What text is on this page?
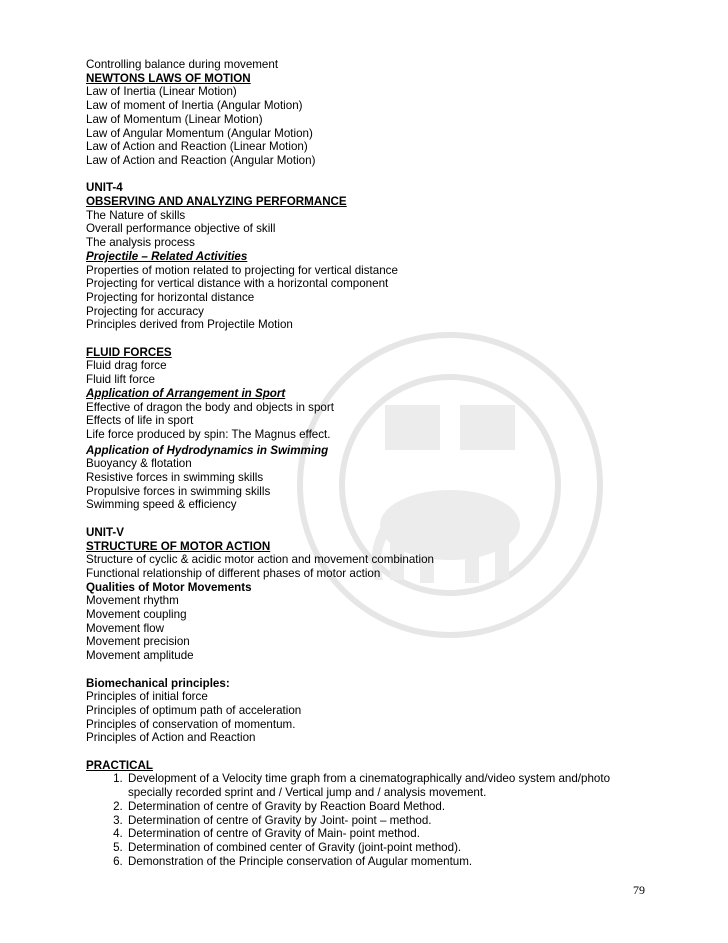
Controlling balance during movement
NEWTONS LAWS OF MOTION
Law of Inertia (Linear Motion)
Law of moment of Inertia (Angular Motion)
Law of Momentum (Linear Motion)
Law of Angular Momentum (Angular Motion)
Law of Action and Reaction (Linear Motion)
Law of Action and Reaction (Angular Motion)
UNIT-4
OBSERVING AND ANALYZING PERFORMANCE
The Nature of skills
Overall performance objective of skill
The analysis process
Projectile – Related Activities
Properties of motion related to projecting for vertical distance
Projecting for vertical distance with a horizontal component
Projecting for horizontal distance
Projecting for accuracy
Principles derived from Projectile Motion
FLUID FORCES
Fluid drag force
Fluid lift force
Application of Arrangement in Sport
Effective of dragon the body and objects in sport
Effects of life in sport
Life force produced by spin: The Magnus effect.
Application of Hydrodynamics in Swimming
Buoyancy & flotation
Resistive forces in swimming skills
Propulsive forces in swimming skills
Swimming speed & efficiency
UNIT-V
STRUCTURE OF MOTOR ACTION
Structure of cyclic & acidic motor action and movement combination
Functional relationship of different phases of motor action
Qualities of Motor Movements
Movement rhythm
Movement coupling
Movement flow
Movement precision
Movement amplitude
Biomechanical principles:
Principles of initial force
Principles of optimum path of acceleration
Principles of conservation of momentum.
Principles of Action and Reaction
PRACTICAL
1. Development of a Velocity time graph from a cinematographically and/video system and/photo specially recorded sprint and / Vertical jump and / analysis movement.
2. Determination of centre of Gravity by Reaction Board Method.
3. Determination of centre of Gravity by Joint- point – method.
4. Determination of centre of Gravity of Main- point method.
5. Determination of combined center of Gravity (joint-point method).
6. Demonstration of the Principle conservation of Augular momentum.
79
